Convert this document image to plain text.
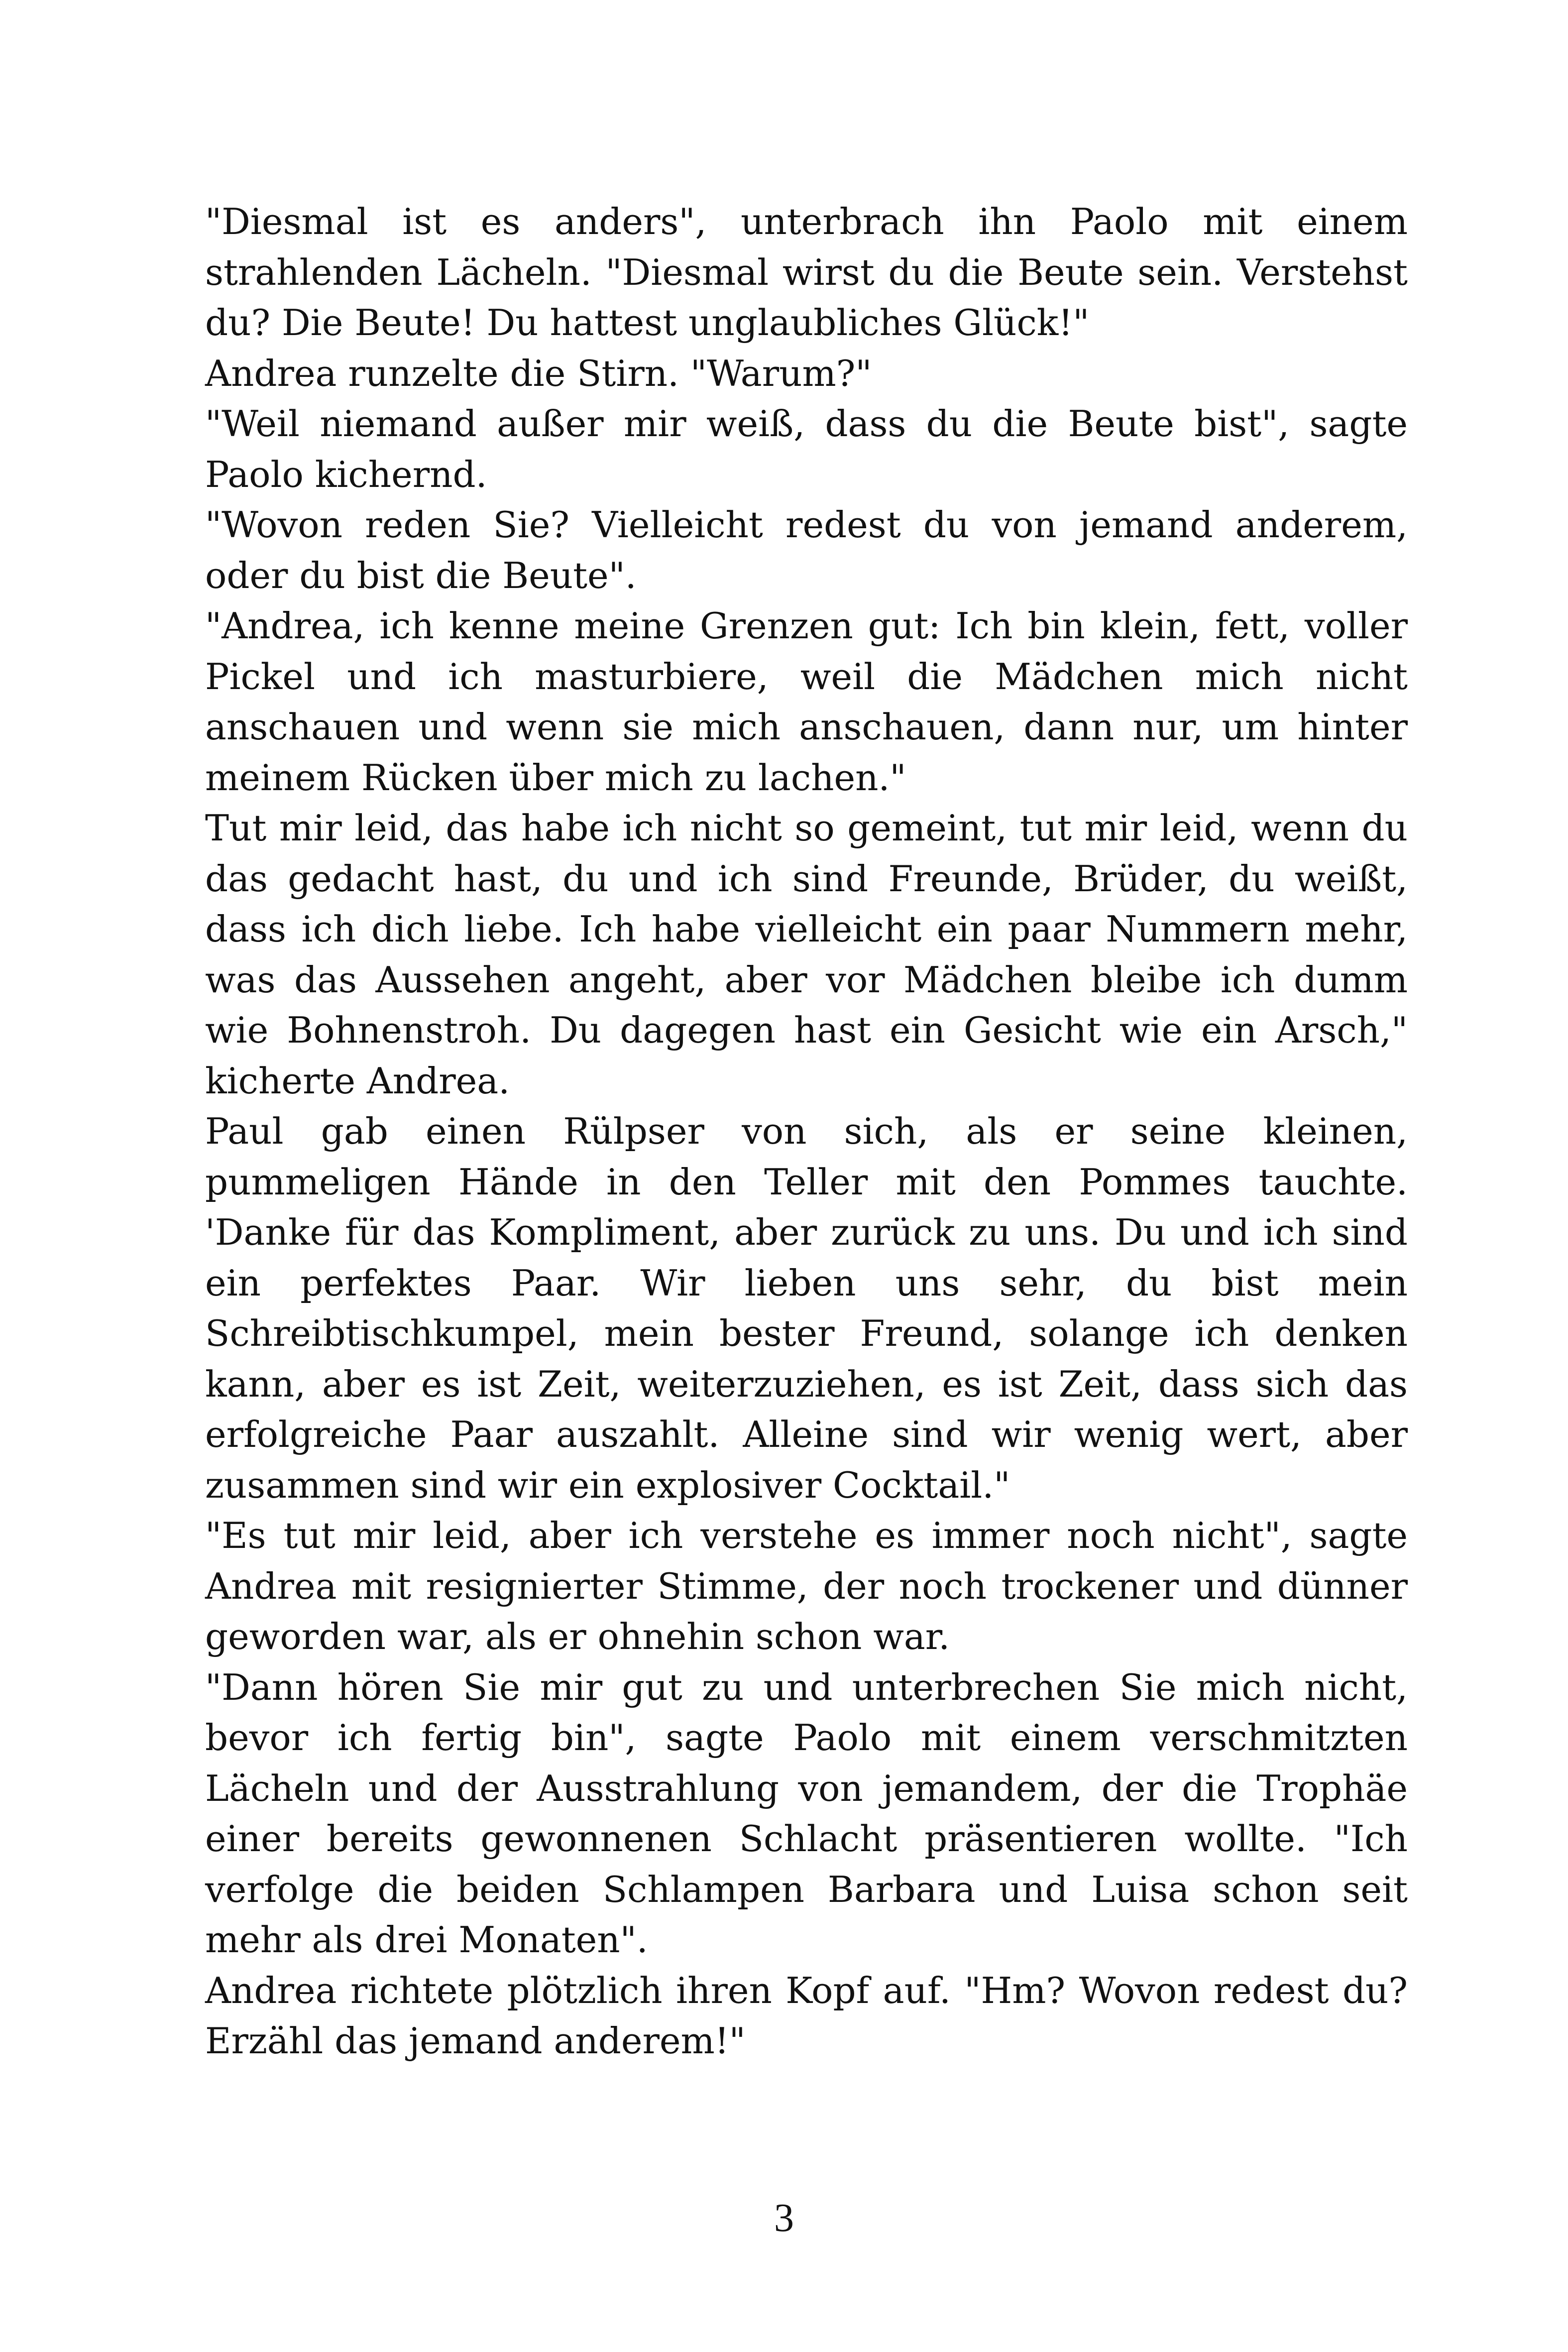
"Diesmal ist es anders", unterbrach ihn Paolo mit einem strahlenden Lächeln. "Diesmal wirst du die Beute sein. Verstehst du? Die Beute! Du hattest unglaubliches Glück!"

Andrea runzelte die Stirn. "Warum?"

"Weil niemand außer mir weiß, dass du die Beute bist", sagte Paolo kichernd.

"Wovon reden Sie? Vielleicht redest du von jemand anderem, oder du bist die Beute".

"Andrea, ich kenne meine Grenzen gut: Ich bin klein, fett, voller Pickel und ich masturbiere, weil die Mädchen mich nicht anschauen und wenn sie mich anschauen, dann nur, um hinter meinem Rücken über mich zu lachen."

Tut mir leid, das habe ich nicht so gemeint, tut mir leid, wenn du das gedacht hast, du und ich sind Freunde, Brüder, du weißt, dass ich dich liebe. Ich habe vielleicht ein paar Nummern mehr, was das Aussehen angeht, aber vor Mädchen bleibe ich dumm wie Bohnenstroh. Du dagegen hast ein Gesicht wie ein Arsch," kicherte Andrea.

Paul gab einen Rülpser von sich, als er seine kleinen, pummeligen Hände in den Teller mit den Pommes tauchte. 'Danke für das Kompliment, aber zurück zu uns. Du und ich sind ein perfektes Paar. Wir lieben uns sehr, du bist mein Schreibtischkumpel, mein bester Freund, solange ich denken kann, aber es ist Zeit, weiterzuziehen, es ist Zeit, dass sich das erfolgreiche Paar auszahlt. Alleine sind wir wenig wert, aber zusammen sind wir ein explosiver Cocktail."

"Es tut mir leid, aber ich verstehe es immer noch nicht", sagte Andrea mit resignierter Stimme, der noch trockener und dünner geworden war, als er ohnehin schon war.

"Dann hören Sie mir gut zu und unterbrechen Sie mich nicht, bevor ich fertig bin", sagte Paolo mit einem verschmitzten Lächeln und der Ausstrahlung von jemandem, der die Trophäe einer bereits gewonnenen Schlacht präsentieren wollte. "Ich verfolge die beiden Schlampen Barbara und Luisa schon seit mehr als drei Monaten".

Andrea richtete plötzlich ihren Kopf auf. "Hm? Wovon redest du? Erzähl das jemand anderem!"

3
